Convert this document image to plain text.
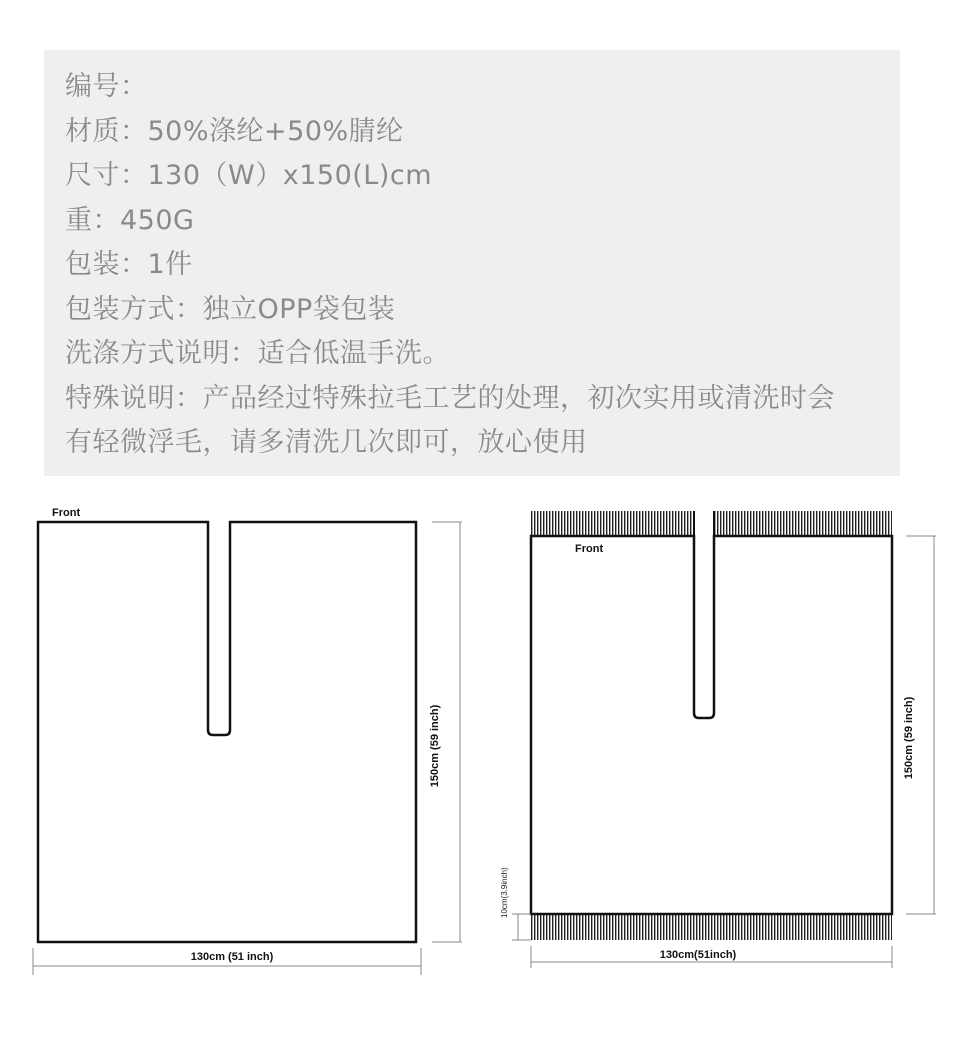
编号：
材质：50%涤纶+50%腈纶
尺寸：130（W）x150(L)cm
重：450G
包装：1件
包装方式：独立OPP袋包装
洗涤方式说明：适合低温手洗。
特殊说明：产品经过特殊拉毛工艺的处理，初次实用或清洗时会
有轻微浮毛，请多清洗几次即可，放心使用
Front
150cm (59 inch)
130cm (51 inch)
Front
150cm (59 inch)
10cm(3.9inch)
130cm(51inch)
